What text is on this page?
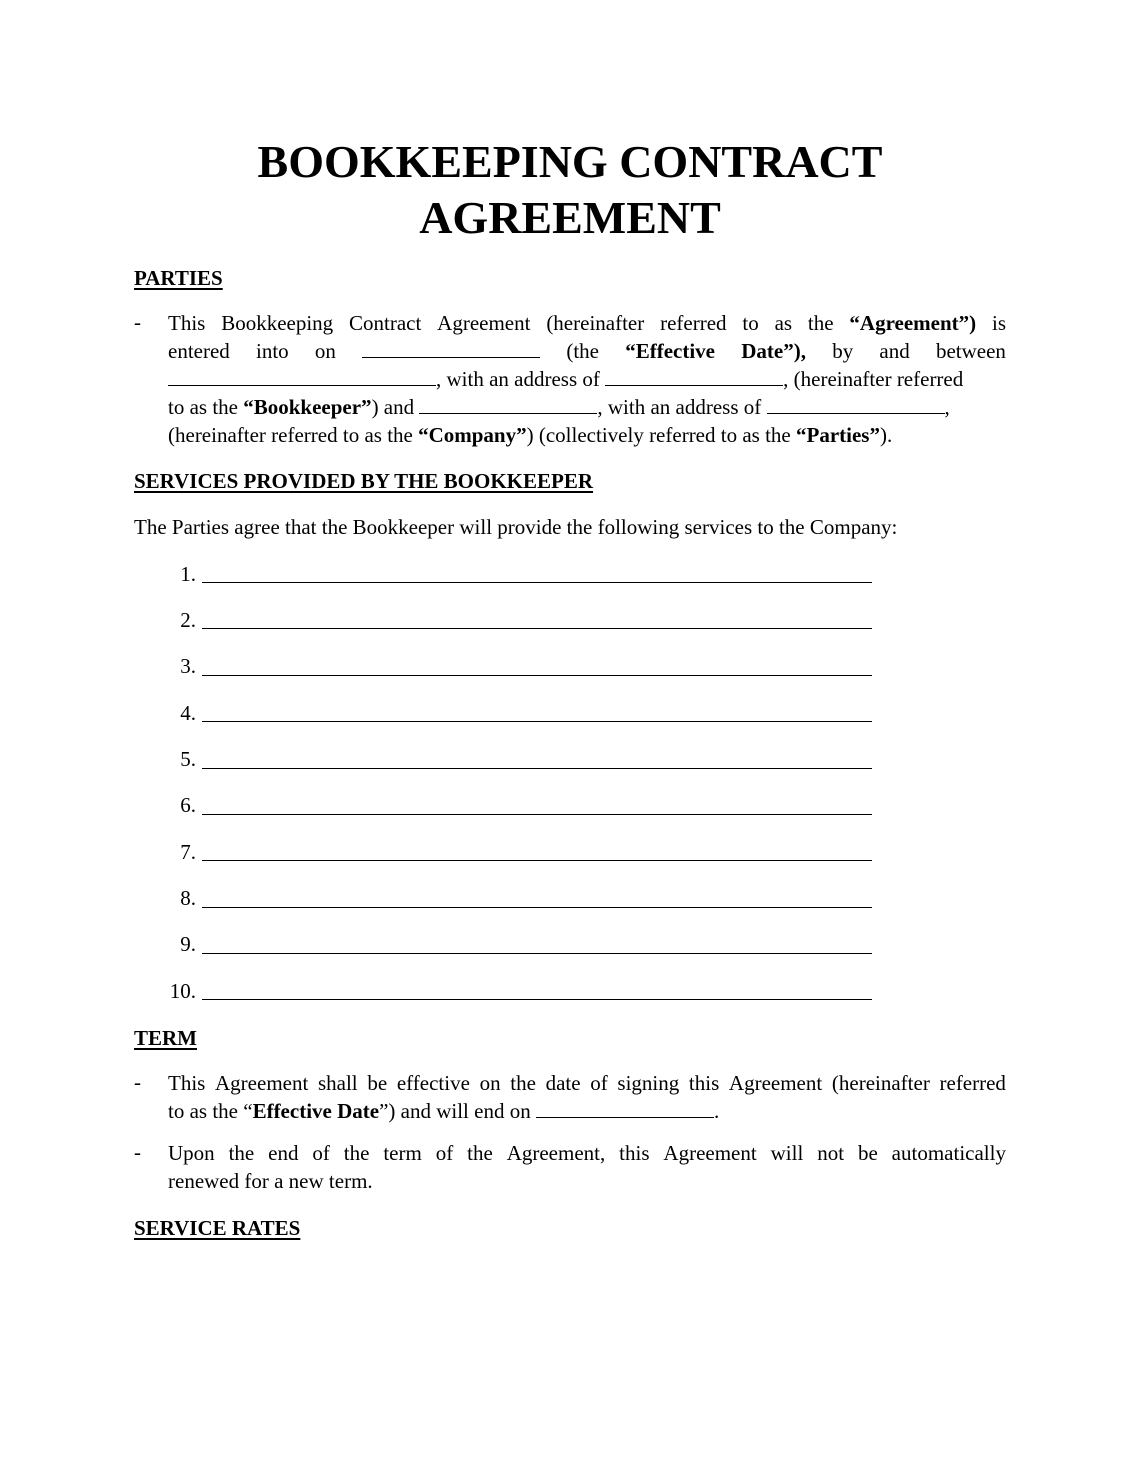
BOOKKEEPING CONTRACT
AGREEMENT
PARTIES
- This Bookkeeping Contract Agreement (hereinafter referred to as the “Agreement”) is
entered into on	(the “Effective Date”), by and between
, with an address of	, (hereinafter referred
to as the “Bookkeeper”) and	, with an address of	,
(hereinafter referred to as the “Company”) (collectively referred to as the “Parties”).
SERVICES PROVIDED BY THE BOOKKEEPER
The Parties agree that the Bookkeeper will provide the following services to the Company:
1.
2.
3.
4.
5.
6.
7.
8.
9.
10.
TERM
- This Agreement shall be effective on the date of signing this Agreement (hereinafter referred
to as the “Effective Date”) and will end on	.
- Upon the end of the term of the Agreement, this Agreement will not be automatically
renewed for a new term.
SERVICE RATES
